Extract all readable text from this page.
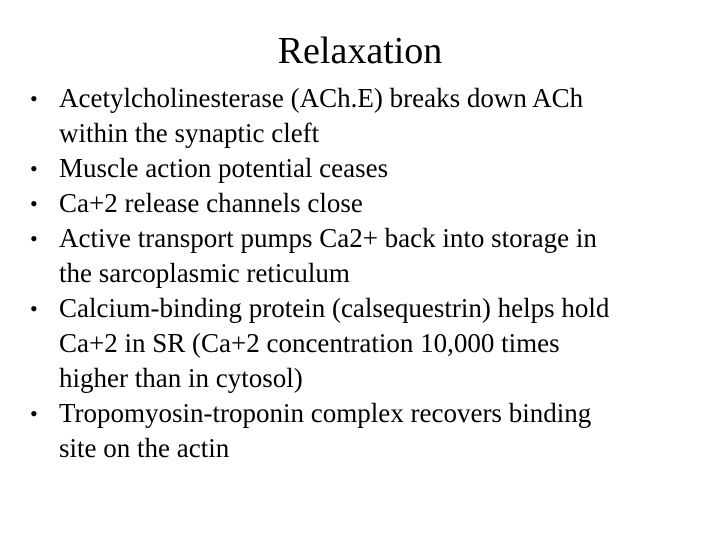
Relaxation
• Acetylcholinesterase (ACh.E) breaks down ACh
within the synaptic cleft
• Muscle action potential ceases
• Ca+2 release channels close
• Active transport pumps Ca2+ back into storage in
the sarcoplasmic reticulum
• Calcium-binding protein (calsequestrin) helps hold
Ca+2 in SR (Ca+2 concentration 10,000 times
higher than in cytosol)
• Tropomyosin-troponin complex recovers binding
site on the actin
